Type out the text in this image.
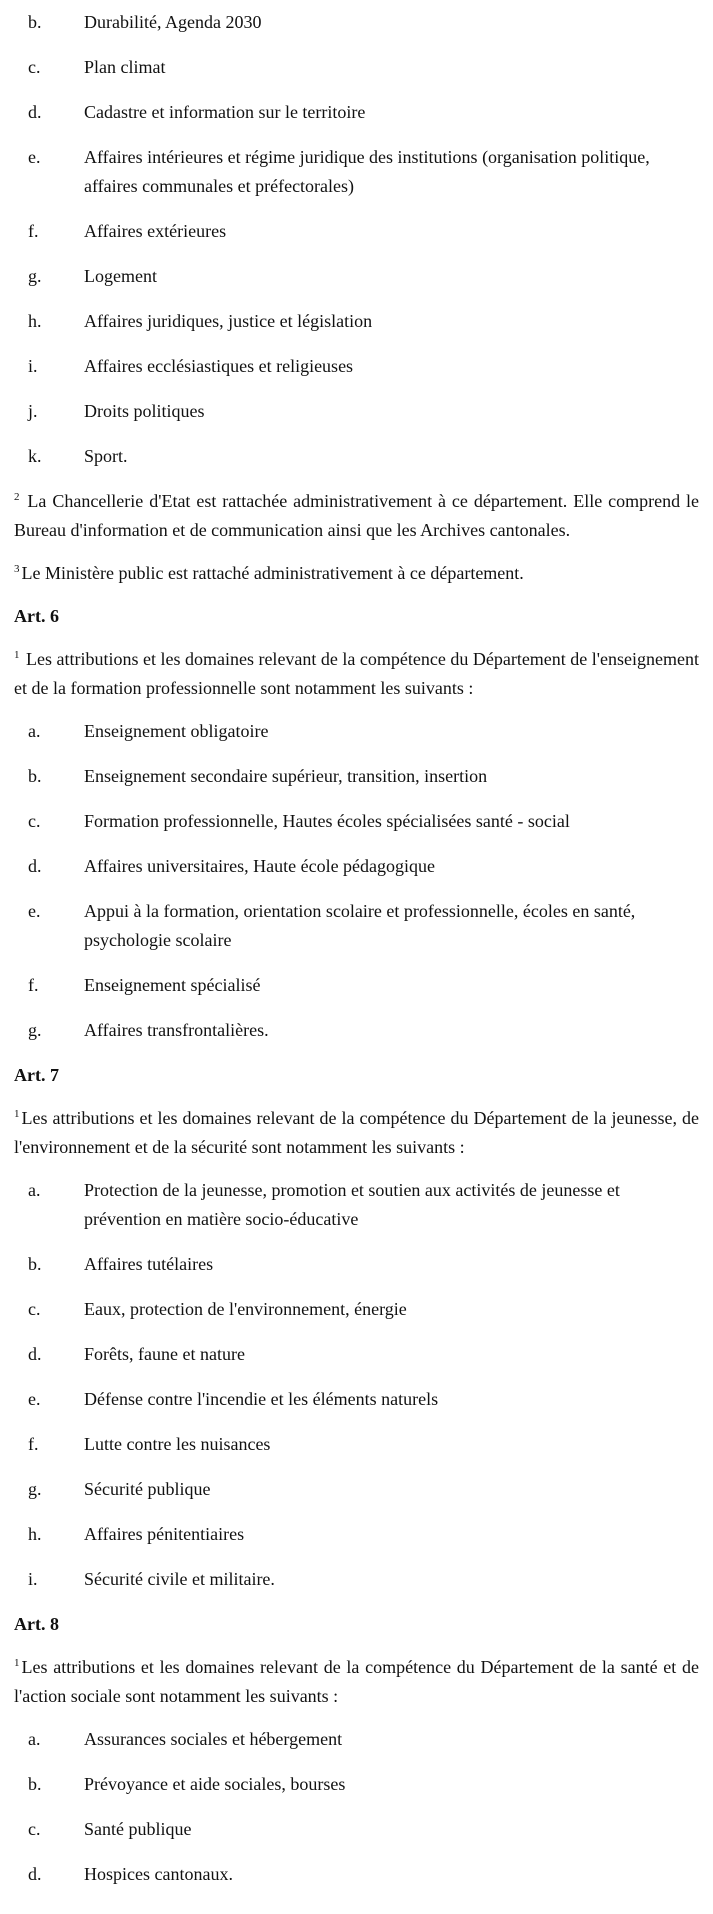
b.	Durabilité, Agenda 2030
c.	Plan climat
d.	Cadastre et information sur le territoire
e.	Affaires intérieures et régime juridique des institutions (organisation politique, affaires communales et préfectorales)
f.	Affaires extérieures
g.	Logement
h.	Affaires juridiques, justice et législation
i.	Affaires ecclésiastiques et religieuses
j.	Droits politiques
k.	Sport.

$^2$ La Chancellerie d'Etat est rattachée administrativement à ce département. Elle comprend le Bureau d'information et de communication ainsi que les Archives cantonales.

$^3$ Le Ministère public est rattaché administrativement à ce département.

Art. 6

$^1$ Les attributions et les domaines relevant de la compétence du Département de l'enseignement et de la formation professionnelle sont notamment les suivants :

a.	Enseignement obligatoire
b.	Enseignement secondaire supérieur, transition, insertion
c.	Formation professionnelle, Hautes écoles spécialisées santé - social
d.	Affaires universitaires, Haute école pédagogique
e.	Appui à la formation, orientation scolaire et professionnelle, écoles en santé, psychologie scolaire
f.	Enseignement spécialisé
g.	Affaires transfrontalières.
Art. 7

$^1$ Les attributions et les domaines relevant de la compétence du Département de la jeunesse, de l'environnement et de la sécurité sont notamment les suivants :

a.	Protection de la jeunesse, promotion et soutien aux activités de jeunesse et prévention en matière socio-éducative
b.	Affaires tutélaires
c.	Eaux, protection de l'environnement, énergie
d.	Forêts, faune et nature
e.	Défense contre l'incendie et les éléments naturels
f.	Lutte contre les nuisances
g.	Sécurité publique
h.	Affaires pénitentiaires
i.	Sécurité civile et militaire.
Art. 8

$^1$ Les attributions et les domaines relevant de la compétence du Département de la santé et de l'action sociale sont notamment les suivants :

a.	Assurances sociales et hébergement
b.	Prévoyance et aide sociales, bourses
c.	Santé publique
d.	Hospices cantonaux.
